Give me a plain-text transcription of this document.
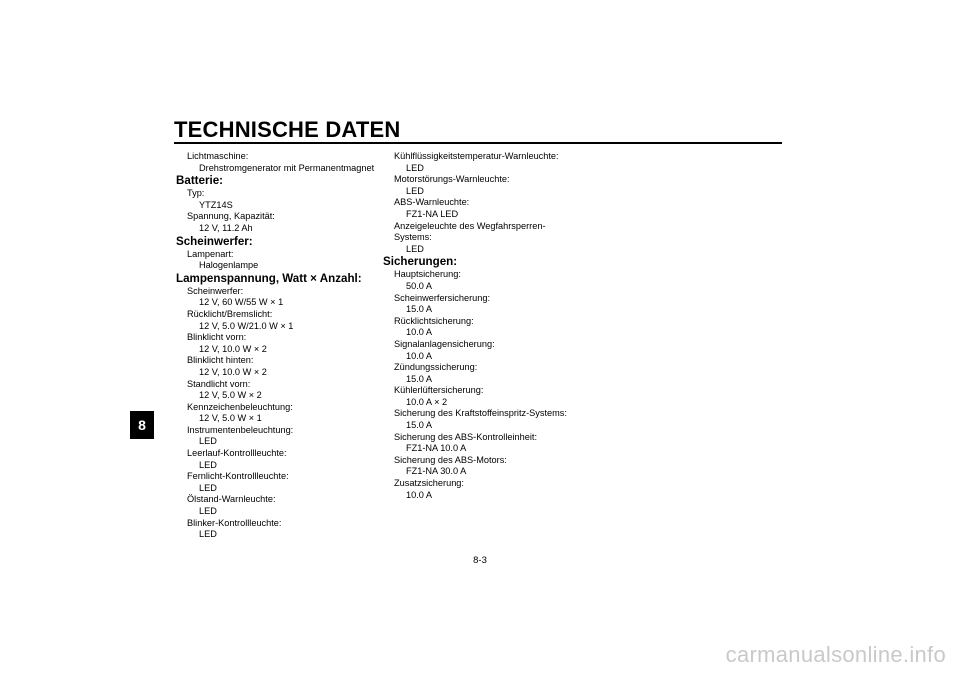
TECHNISCHE DATEN
8
Lichtmaschine:
Drehstromgenerator mit Permanentmagnet
Batterie:
Typ:
YTZ14S
Spannung, Kapazität:
12 V, 11.2 Ah
Scheinwerfer:
Lampenart:
Halogenlampe
Lampenspannung, Watt × Anzahl:
Scheinwerfer:
12 V, 60 W/55 W × 1
Rücklicht/Bremslicht:
12 V, 5.0 W/21.0 W × 1
Blinklicht vorn:
12 V, 10.0 W × 2
Blinklicht hinten:
12 V, 10.0 W × 2
Standlicht vorn:
12 V, 5.0 W × 2
Kennzeichenbeleuchtung:
12 V, 5.0 W × 1
Instrumentenbeleuchtung:
LED
Leerlauf-Kontrollleuchte:
LED
Fernlicht-Kontrollleuchte:
LED
Ölstand-Warnleuchte:
LED
Blinker-Kontrollleuchte:
LED
Kühlflüssigkeitstemperatur-Warnleuchte:
LED
Motorstörungs-Warnleuchte:
LED
ABS-Warnleuchte:
FZ1-NA LED
Anzeigeleuchte des Wegfahrsperren-
Systems:
LED
Sicherungen:
Hauptsicherung:
50.0 A
Scheinwerfersicherung:
15.0 A
Rücklichtsicherung:
10.0 A
Signalanlagensicherung:
10.0 A
Zündungssicherung:
15.0 A
Kühlerlüftersicherung:
10.0 A × 2
Sicherung des Kraftstoffeinspritz-Systems:
15.0 A
Sicherung des ABS-Kontrolleinheit:
FZ1-NA 10.0 A
Sicherung des ABS-Motors:
FZ1-NA 30.0 A
Zusatzsicherung:
10.0 A
8-3
carmanualsonline.info
